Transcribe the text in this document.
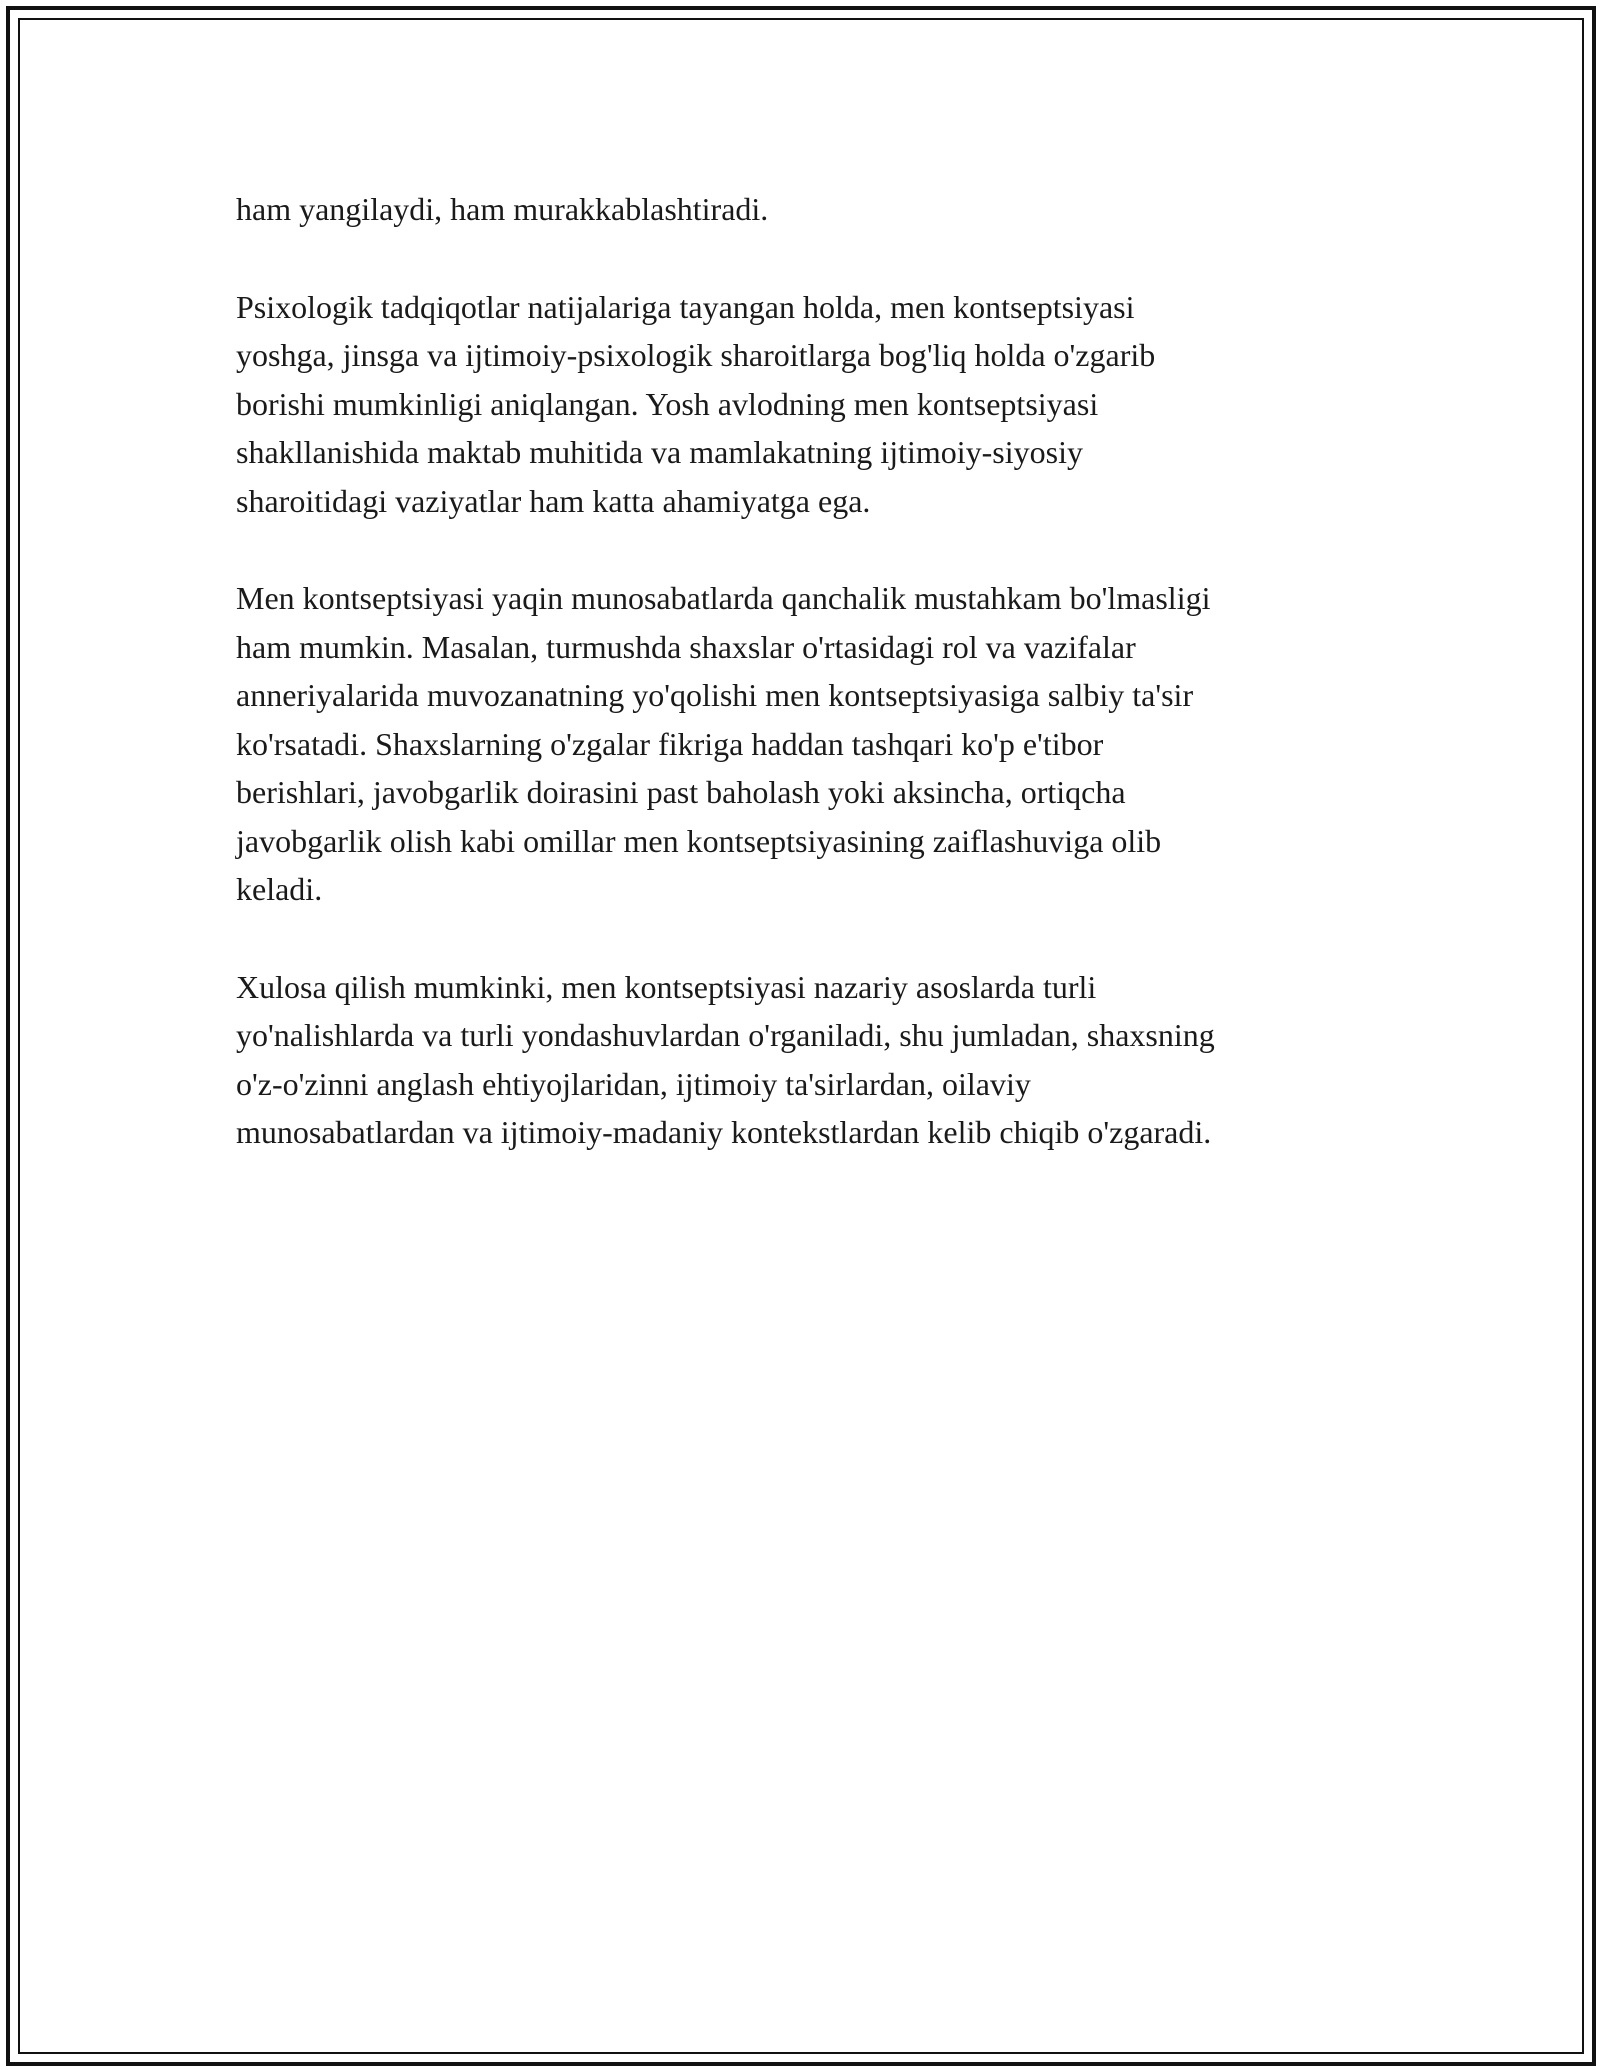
ham yangilaydi, ham murakkablashtiradi.

Psixologik tadqiqotlar natijalariga tayangan holda, men kontseptsiyasi
yoshga, jinsga va ijtimoiy-psixologik sharoitlarga bog'liq holda o'zgarib
borishi mumkinligi aniqlangan. Yosh avlodning men kontseptsiyasi
shakllanishida maktab muhitida va mamlakatning ijtimoiy-siyosiy
sharoitidagi vaziyatlar ham katta ahamiyatga ega.

Men kontseptsiyasi yaqin munosabatlarda qanchalik mustahkam bo'lmasligi
ham mumkin. Masalan, turmushda shaxslar o'rtasidagi rol va vazifalar
anneriyalarida muvozanatning yo'qolishi men kontseptsiyasiga salbiy ta'sir
ko'rsatadi. Shaxslarning o'zgalar fikriga haddan tashqari ko'p e'tibor
berishlari, javobgarlik doirasini past baholash yoki aksincha, ortiqcha
javobgarlik olish kabi omillar men kontseptsiyasining zaiflashuviga olib
keladi.

Xulosa qilish mumkinki, men kontseptsiyasi nazariy asoslarda turli
yo'nalishlarda va turli yondashuvlardan o'rganiladi, shu jumladan, shaxsning
o'z-o'zinni anglash ehtiyojlaridan, ijtimoiy ta'sirlardan, oilaviy
munosabatlardan va ijtimoiy-madaniy kontekstlardan kelib chiqib o'zgaradi.
